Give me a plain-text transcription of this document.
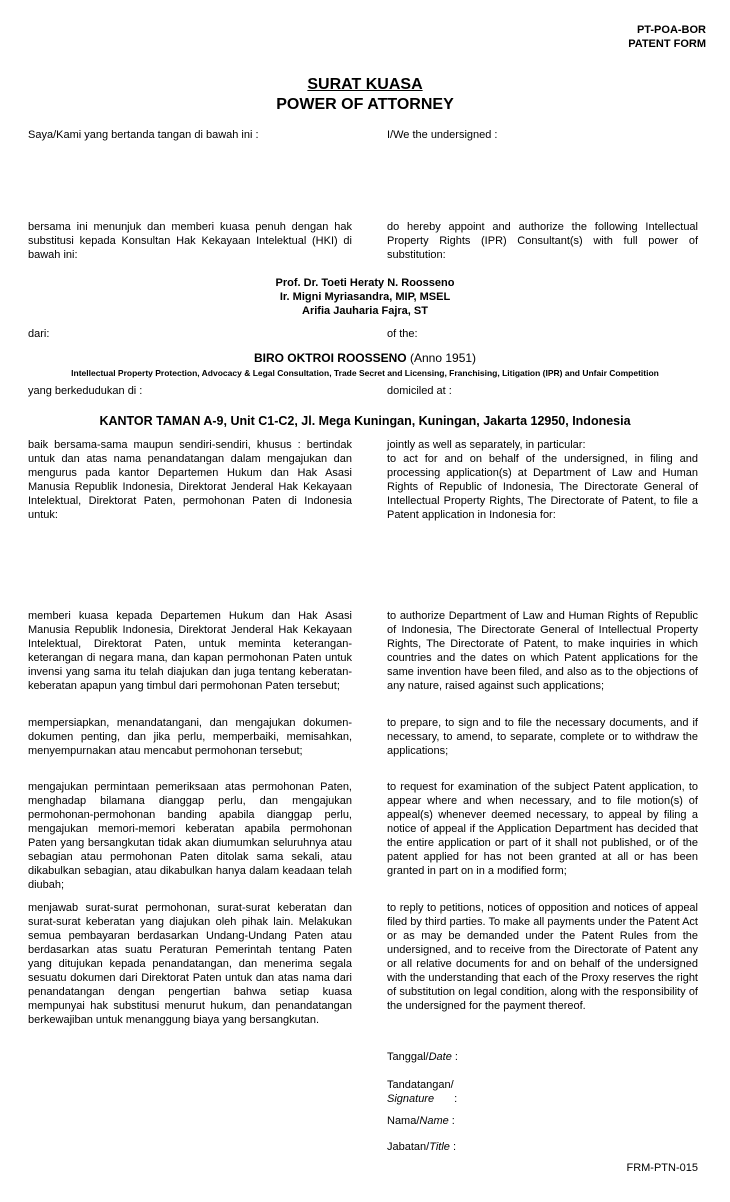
PT-POA-BOR
PATENT FORM
SURAT KUASA
POWER OF ATTORNEY
Saya/Kami yang bertanda tangan di bawah ini :	I/We the undersigned :
bersama ini menunjuk dan memberi kuasa penuh dengan hak substitusi kepada Konsultan Hak Kekayaan Intelektual (HKI) di bawah ini:
do hereby appoint and authorize the following Intellectual Property Rights (IPR) Consultant(s) with full power of substitution:
Prof. Dr. Toeti Heraty N. Roosseno
Ir. Migni Myriasandra, MIP, MSEL
Arifia Jauharia Fajra, ST
dari:	of the:
BIRO OKTROI ROOSSENO (Anno 1951)
Intellectual Property Protection, Advocacy & Legal Consultation, Trade Secret and Licensing, Franchising, Litigation (IPR) and Unfair Competition
yang berkedudukan di :	domiciled at :
KANTOR TAMAN A-9, Unit C1-C2, Jl. Mega Kuningan, Kuningan, Jakarta 12950, Indonesia
baik bersama-sama maupun sendiri-sendiri, khusus : bertindak untuk dan atas nama penandatangan dalam mengajukan dan mengurus pada kantor Departemen Hukum dan Hak Asasi Manusia Republik Indonesia, Direktorat Jenderal Hak Kekayaan Intelektual, Direktorat Paten, permohonan Paten di Indonesia untuk:
jointly as well as separately, in particular:
to act for and on behalf of the undersigned, in filing and processing application(s) at Department of Law and Human Rights of Republic of Indonesia, The Directorate General of Intellectual Property Rights, The Directorate of Patent, to file a Patent application in Indonesia for:
memberi kuasa kepada Departemen Hukum dan Hak Asasi Manusia Republik Indonesia, Direktorat Jenderal Hak Kekayaan Intelektual, Direktorat Paten, untuk meminta keterangan-keterangan di negara mana, dan kapan permohonan Paten untuk invensi yang sama itu telah diajukan dan juga tentang keberatan-keberatan apapun yang timbul dari permohonan Paten tersebut;
to authorize Department of Law and Human Rights of Republic of Indonesia, The Directorate General of Intellectual Property Rights, The Directorate of Patent, to make inquiries in which countries and the dates on which Patent applications for the same invention have been filed, and also as to the objections of any nature, raised against such applications;
mempersiapkan, menandatangani, dan mengajukan dokumen-dokumen penting, dan jika perlu, memperbaiki, memisahkan, menyempurnakan atau mencabut permohonan tersebut;
to prepare, to sign and to file the necessary documents, and if necessary, to amend, to separate, complete or to withdraw the applications;
mengajukan permintaan pemeriksaan atas permohonan Paten, menghadap bilamana dianggap perlu, dan mengajukan permohonan-permohonan banding apabila dianggap perlu, mengajukan memori-memori keberatan apabila permohonan Paten yang bersangkutan tidak akan diumumkan seluruhnya atau sebagian atau permohonan Paten ditolak sama sekali, atau dikabulkan sebagian, atau dikabulkan hanya dalam keadaan telah diubah;
to request for examination of the subject Patent application, to appear where and when necessary, and to file motion(s) of appeal(s) whenever deemed necessary, to appeal by filing a notice of appeal if the Application Department has decided that the entire application or part of it shall not published, or of the patent applied for has not been granted at all or has been granted in part on in a modified form;
menjawab surat-surat permohonan, surat-surat keberatan dan surat-surat keberatan yang diajukan oleh pihak lain. Melakukan semua pembayaran berdasarkan Undang-Undang Paten atau berdasarkan atas suatu Peraturan Pemerintah tentang Paten yang ditujukan kepada penandatangan, dan menerima segala sesuatu dokumen dari Direktorat Paten untuk dan atas nama dari penandatangan dengan pengertian bahwa setiap kuasa mempunyai hak substitusi menurut hukum, dan penandatangan berkewajiban untuk menanggung biaya yang bersangkutan.
to reply to petitions, notices of opposition and notices of appeal filed by third parties. To make all payments under the Patent Act or as may be demanded under the Patent Rules from the undersigned, and to receive from the Directorate of Patent any or all relative documents for and on behalf of the undersigned with the understanding that each of the Proxy reserves the right of substitution on legal condition, along with the responsibility of the undersigned for the payment thereof.
Tanggal/Date :
Tandatangan/
Signature :
Nama/Name :
Jabatan/Title :
FRM-PTN-015
